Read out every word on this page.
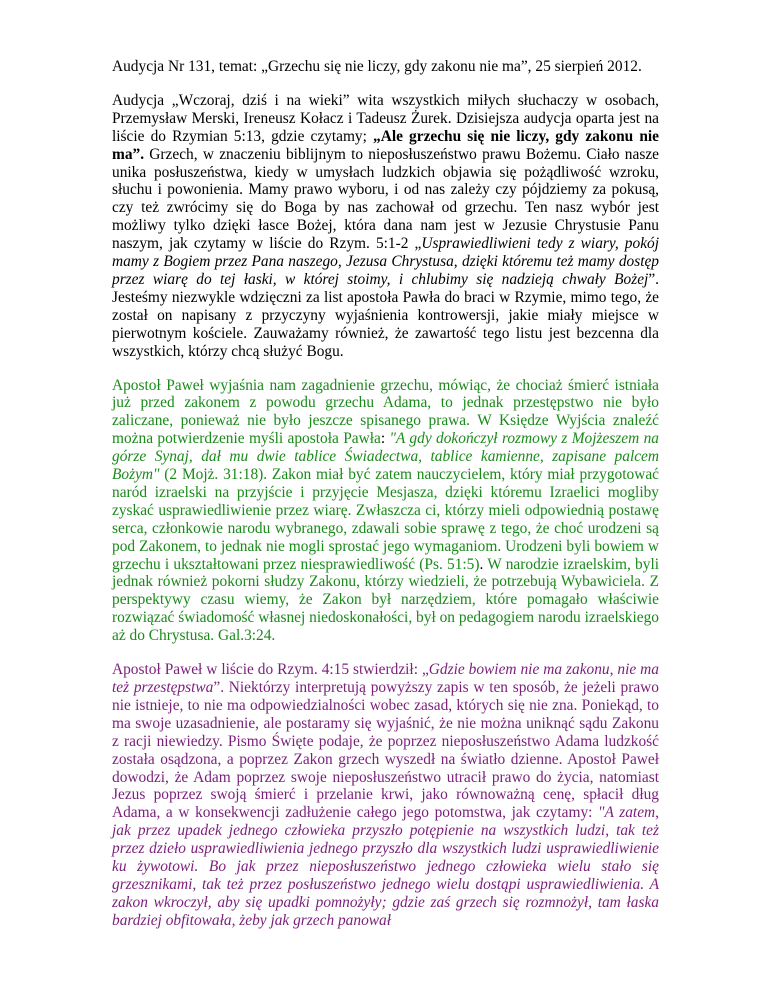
Audycja Nr 131, temat: „Grzechu się nie liczy, gdy zakonu nie ma”, 25 sierpień 2012.

Audycja „Wczoraj, dziś i na wieki” wita wszystkich miłych słuchaczy w osobach, Przemysław Merski, Ireneusz Kołacz i Tadeusz Żurek. Dzisiejsza audycja oparta jest na liście do Rzymian 5:13, gdzie czytamy; „Ale grzechu się nie liczy, gdy zakonu nie ma”. Grzech, w znaczeniu biblijnym to nieposłuszeństwo prawu Bożemu. Ciało nasze unika posłuszeństwa, kiedy w umysłach ludzkich objawia się pożądliwość wzroku, słuchu i powonienia. Mamy prawo wyboru, i od nas zależy czy pójdziemy za pokusą, czy też zwrócimy się do Boga by nas zachował od grzechu. Ten nasz wybór jest możliwy tylko dzięki łasce Bożej, która dana nam jest w Jezusie Chrystusie Panu naszym, jak czytamy w liście do Rzym. 5:1-2 „Usprawiedliwieni tedy z wiary, pokój mamy z Bogiem przez Pana naszego, Jezusa Chrystusa, dzięki któremu też mamy dostęp przez wiarę do tej łaski, w której stoimy, i chlubimy się nadzieją chwały Bożej”. Jesteśmy niezwykle wdzięczni za list apostoła Pawła do braci w Rzymie, mimo tego, że został on napisany z przyczyny wyjaśnienia kontrowersji, jakie miały miejsce w pierwotnym kościele. Zauważamy również, że zawartość tego listu jest bezcenna dla wszystkich, którzy chcą służyć Bogu.

Apostoł Paweł wyjaśnia nam zagadnienie grzechu, mówiąc, że chociaż śmierć istniała już przed zakonem z powodu grzechu Adama, to jednak przestępstwo nie było zaliczane, ponieważ nie było jeszcze spisanego prawa. W Księdze Wyjścia znaleźć można potwierdzenie myśli apostoła Pawła: "A gdy dokończył rozmowy z Mojżeszem na górze Synaj, dał mu dwie tablice Świadectwa, tablice kamienne, zapisane palcem Bożym" (2 Mojż. 31:18). Zakon miał być zatem nauczycielem, który miał przygotować naród izraelski na przyjście i przyjęcie Mesjasza, dzięki któremu Izraelici mogliby zyskać usprawiedliwienie przez wiarę. Zwłaszcza ci, którzy mieli odpowiednią postawę serca, członkowie narodu wybranego, zdawali sobie sprawę z tego, że choć urodzeni są pod Zakonem, to jednak nie mogli sprostać jego wymaganiom. Urodzeni byli bowiem w grzechu i ukształtowani przez niesprawiedliwość (Ps. 51:5). W narodzie izraelskim, byli jednak również pokorni słudzy Zakonu, którzy wiedzieli, że potrzebują Wybawiciela. Z perspektywy czasu wiemy, że Zakon był narzędziem, które pomagało właściwie rozwiązać świadomość własnej niedoskonałości, był on pedagogiem narodu izraelskiego aż do Chrystusa. Gal.3:24.

Apostoł Paweł w liście do Rzym. 4:15 stwierdził: „Gdzie bowiem nie ma zakonu, nie ma też przestępstwa”. Niektórzy interpretują powyższy zapis w ten sposób, że jeżeli prawo nie istnieje, to nie ma odpowiedzialności wobec zasad, których się nie zna. Poniekąd, to ma swoje uzasadnienie, ale postaramy się wyjaśnić, że nie można uniknąć sądu Zakonu z racji niewiedzy. Pismo Święte podaje, że poprzez nieposłuszeństwo Adama ludzkość została osądzona, a poprzez Zakon grzech wyszedł na światło dzienne. Apostoł Paweł dowodzi, że Adam poprzez swoje nieposłuszeństwo utracił prawo do życia, natomiast Jezus poprzez swoją śmierć i przelanie krwi, jako równoważną cenę, spłacił dług Adama, a w konsekwencji zadłużenie całego jego potomstwa, jak czytamy: "A zatem, jak przez upadek jednego człowieka przyszło potępienie na wszystkich ludzi, tak też przez dzieło usprawiedliwienia jednego przyszło dla wszystkich ludzi usprawiedliwienie ku żywotowi. Bo jak przez nieposłuszeństwo jednego człowieka wielu stało się grzesznikami, tak też przez posłuszeństwo jednego wielu dostąpi usprawiedliwienia. A zakon wkroczył, aby się upadki pomnożyły; gdzie zaś grzech się rozmnożył, tam łaska bardziej obfitowała, żeby jak grzech panował
